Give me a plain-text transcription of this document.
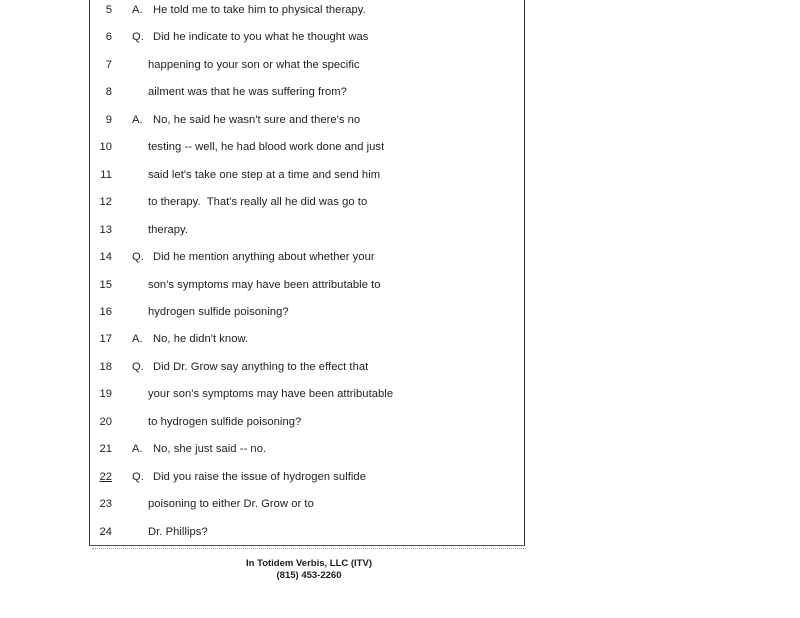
5 A. He told me to take him to physical therapy.
6 Q. Did he indicate to you what he thought was
7	happening to your son or what the specific
8	ailment was that he was suffering from?
9 A. No, he said he wasn't sure and there's no
10	testing -- well, he had blood work done and just
11	said let's take one step at a time and send him
12	to therapy.  That's really all he did was go to
13	therapy.
14 Q. Did he mention anything about whether your
15	son's symptoms may have been attributable to
16	hydrogen sulfide poisoning?
17 A. No, he didn't know.
18 Q. Did Dr. Grow say anything to the effect that
19	your son's symptoms may have been attributable
20	to hydrogen sulfide poisoning?
21 A. No, she just said -- no.
22 Q. Did you raise the issue of hydrogen sulfide
23	poisoning to either Dr. Grow or to
24	Dr. Phillips?
In Totidem Verbis, LLC (ITV)
(815) 453-2260
